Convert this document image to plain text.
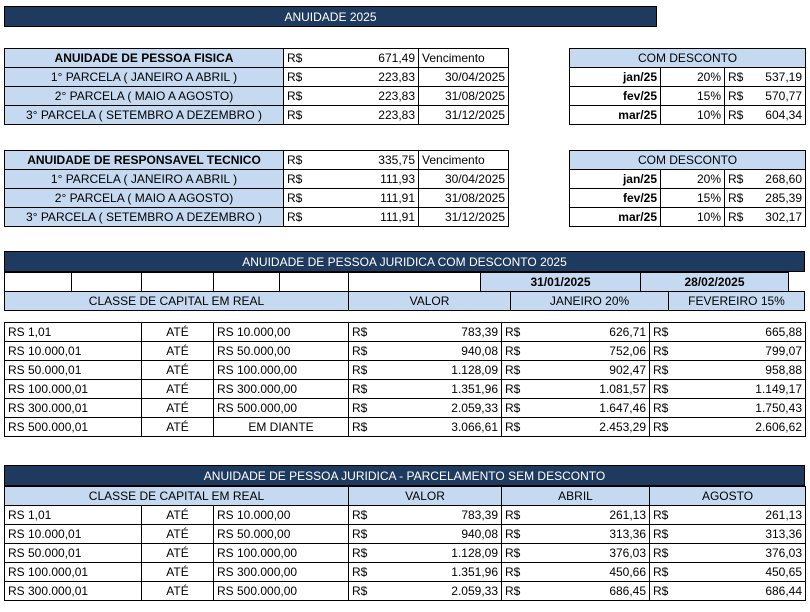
ANUIDADE 2025
ANUIDADE DE PESSOA FISICA	R$	671,49	Vencimento
1° PARCELA ( JANEIRO A ABRIL )	R$	223,83	30/04/2025
2° PARCELA ( MAIO A AGOSTO)	R$	223,83	31/08/2025
3° PARCELA ( SETEMBRO A DEZEMBRO )	R$	223,83	31/12/2025
COM DESCONTO			
jan/25	20%	R$	537,19
fev/25	15%	R$	570,77
mar/25	10%	R$	604,34
ANUIDADE DE RESPONSAVEL TECNICO	R$	335,75	Vencimento
1° PARCELA ( JANEIRO A ABRIL )	R$	111,93	30/04/2025
2° PARCELA ( MAIO A AGOSTO)	R$	111,91	31/08/2025
3° PARCELA ( SETEMBRO A DEZEMBRO )	R$	111,91	31/12/2025
COM DESCONTO			
jan/25	20%	R$	268,60
fev/25	15%	R$	285,39
mar/25	10%	R$	302,17
ANUIDADE DE PESSOA JURIDICA COM DESCONTO 2025
						31/01/2025		28/02/2025	
CLASSE DE CAPITAL EM REAL					VALOR		JANEIRO 20%		FEVEREIRO 15%
RS 1,01	ATÉ	RS 10.000,00	R$	783,39	R$	626,71	R$	665,88
RS 10.000,01	ATÉ	RS 50.000,00	R$	940,08	R$	752,06	R$	799,07
RS 50.000,01	ATÉ	RS 100.000,00	R$	1.128,09	R$	902,47	R$	958,88
RS 100.000,01	ATÉ	RS 300.000,00	R$	1.351,96	R$	1.081,57	R$	1.149,17
RS 300.000,01	ATÉ	RS 500.000,00	R$	2.059,33	R$	1.647,46	R$	1.750,43
RS 500.000,01	ATÉ	EM DIANTE	R$	3.066,61	R$	2.453,29	R$	2.606,62
ANUIDADE DE PESSOA JURIDICA - PARCELAMENTO SEM DESCONTO
CLASSE DE CAPITAL EM REAL			VALOR		ABRIL		AGOSTO	
RS 1,01	ATÉ	RS 10.000,00	R$	783,39	R$	261,13	R$	261,13
RS 10.000,01	ATÉ	RS 50.000,00	R$	940,08	R$	313,36	R$	313,36
RS 50.000,01	ATÉ	RS 100.000,00	R$	1.128,09	R$	376,03	R$	376,03
RS 100.000,01	ATÉ	RS 300.000,00	R$	1.351,96	R$	450,66	R$	450,65
RS 300.000,01	ATÉ	RS 500.000,00	R$	2.059,33	R$	686,45	R$	686,44
